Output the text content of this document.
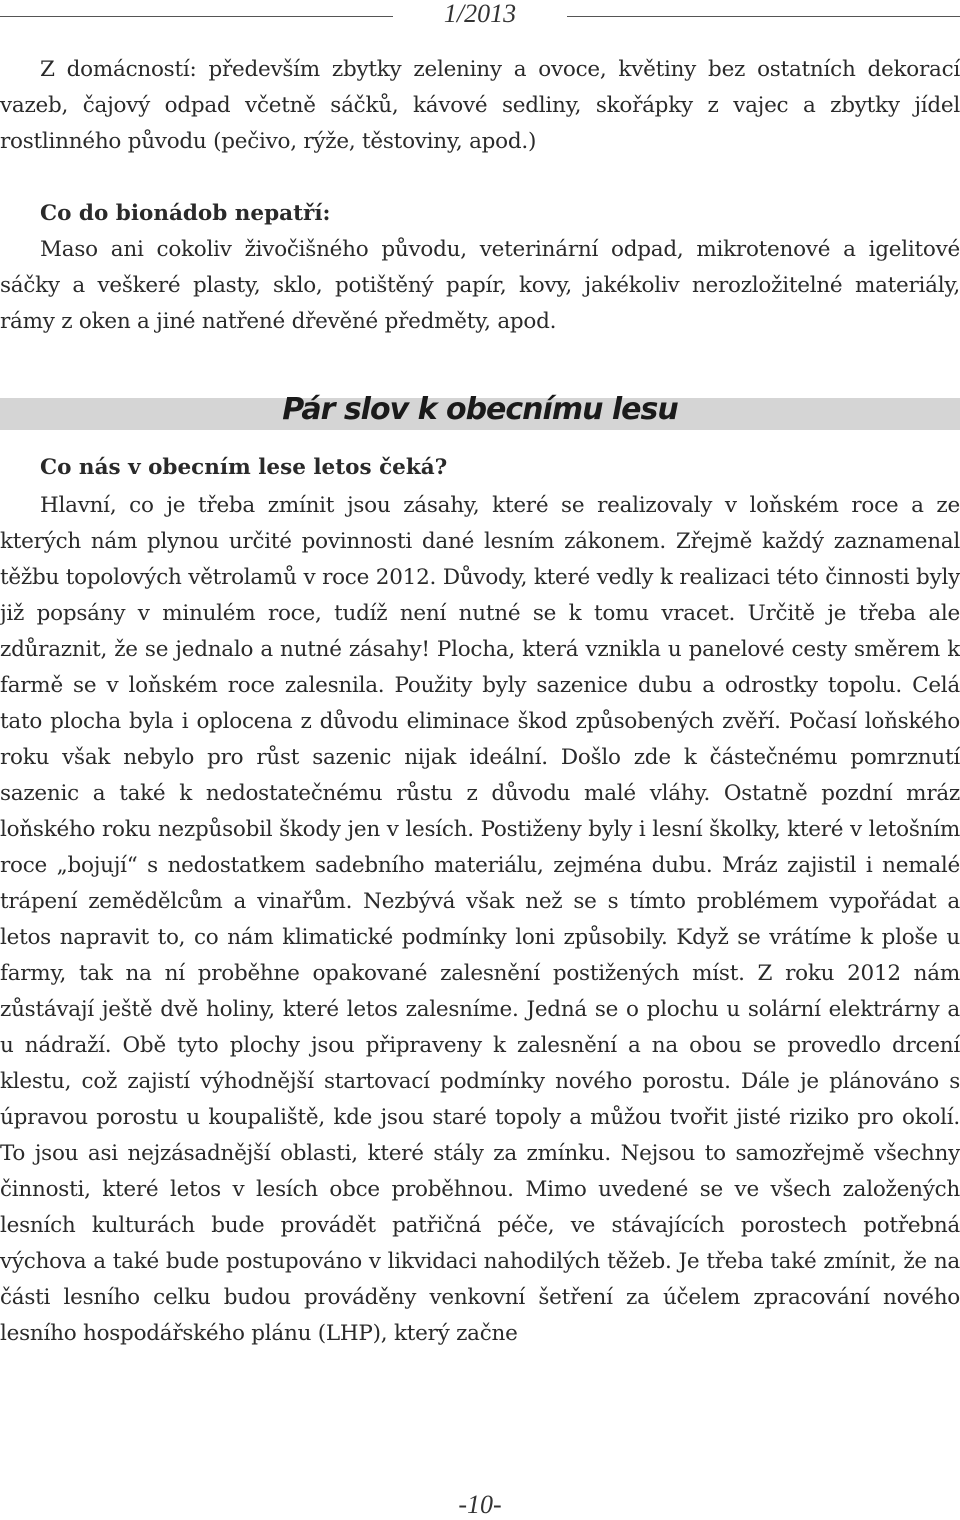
1/2013

Z domácností: především zbytky zeleniny a ovoce, květiny bez ostatních dekorací vazeb, čajový odpad včetně sáčků, kávové sedliny, skořápky z vajec a zbytky jídel rostlinného původu (pečivo, rýže, těstoviny, apod.)

Co do bionádob nepatří:

Maso ani cokoliv živočišného původu, veterinární odpad, mikrotenové a igelitové sáčky a veškeré plasty, sklo, potištěný papír, kovy, jakékoliv nerozložitelné materiály, rámy z oken a jiné natřené dřevěné předměty, apod.

Pár slov k obecnímu lesu

Co nás v obecním lese letos čeká?

Hlavní, co je třeba zmínit jsou zásahy, které se realizovaly v loňském roce a ze kterých nám plynou určité povinnosti dané lesním zákonem. Zřejmě každý zaznamenal těžbu topolových větrolamů v roce 2012. Důvody, které vedly k realizaci této činnosti byly již popsány v minulém roce, tudíž není nutné se k tomu vracet. Určitě je třeba ale zdůraznit, že se jednalo a nutné zásahy! Plocha, která vznikla u panelové cesty směrem k farmě se v loňském roce zalesnila. Použity byly sazenice dubu a odrostky topolu. Celá tato plocha byla i oplocena z důvodu eliminace škod způsobených zvěří. Počasí loňského roku však nebylo pro růst sazenic nijak ideální. Došlo zde k částečnému pomrznutí sazenic a také k nedostatečnému růstu z důvodu malé vláhy. Ostatně pozdní mráz loňského roku nezpůsobil škody jen v lesích. Postiženy byly i lesní školky, které v letošním roce „bojují“ s nedostatkem sadebního materiálu, zejména dubu. Mráz zajistil i nemalé trápení zemědělcům a vinařům. Nezbývá však než se s tímto problémem vypořádat a letos napravit to, co nám klimatické podmínky loni způsobily. Když se vrátíme k ploše u farmy, tak na ní proběhne opakované zalesnění postižených míst. Z roku 2012 nám zůstávají ještě dvě holiny, které letos zalesníme. Jedná se o plochu u solární elektrárny a u nádraží. Obě tyto plochy jsou připraveny k zalesnění a na obou se provedlo drcení klestu, což zajistí výhodnější startovací podmínky nového porostu. Dále je plánováno s úpravou porostu u koupaliště, kde jsou staré topoly a můžou tvořit jisté riziko pro okolí. To jsou asi nejzásadnější oblasti, které stály za zmínku. Nejsou to samozřejmě všechny činnosti, které letos v lesích obce proběhnou. Mimo uvedené se ve všech založených lesních kulturách bude provádět patřičná péče, ve stávajících porostech potřebná výchova a také bude postupováno v likvidaci nahodilých těžeb. Je třeba také zmínit, že na části lesního celku budou prováděny venkovní šetření za účelem zpracování nového lesního hospodářského plánu (LHP), který začne

-10-
